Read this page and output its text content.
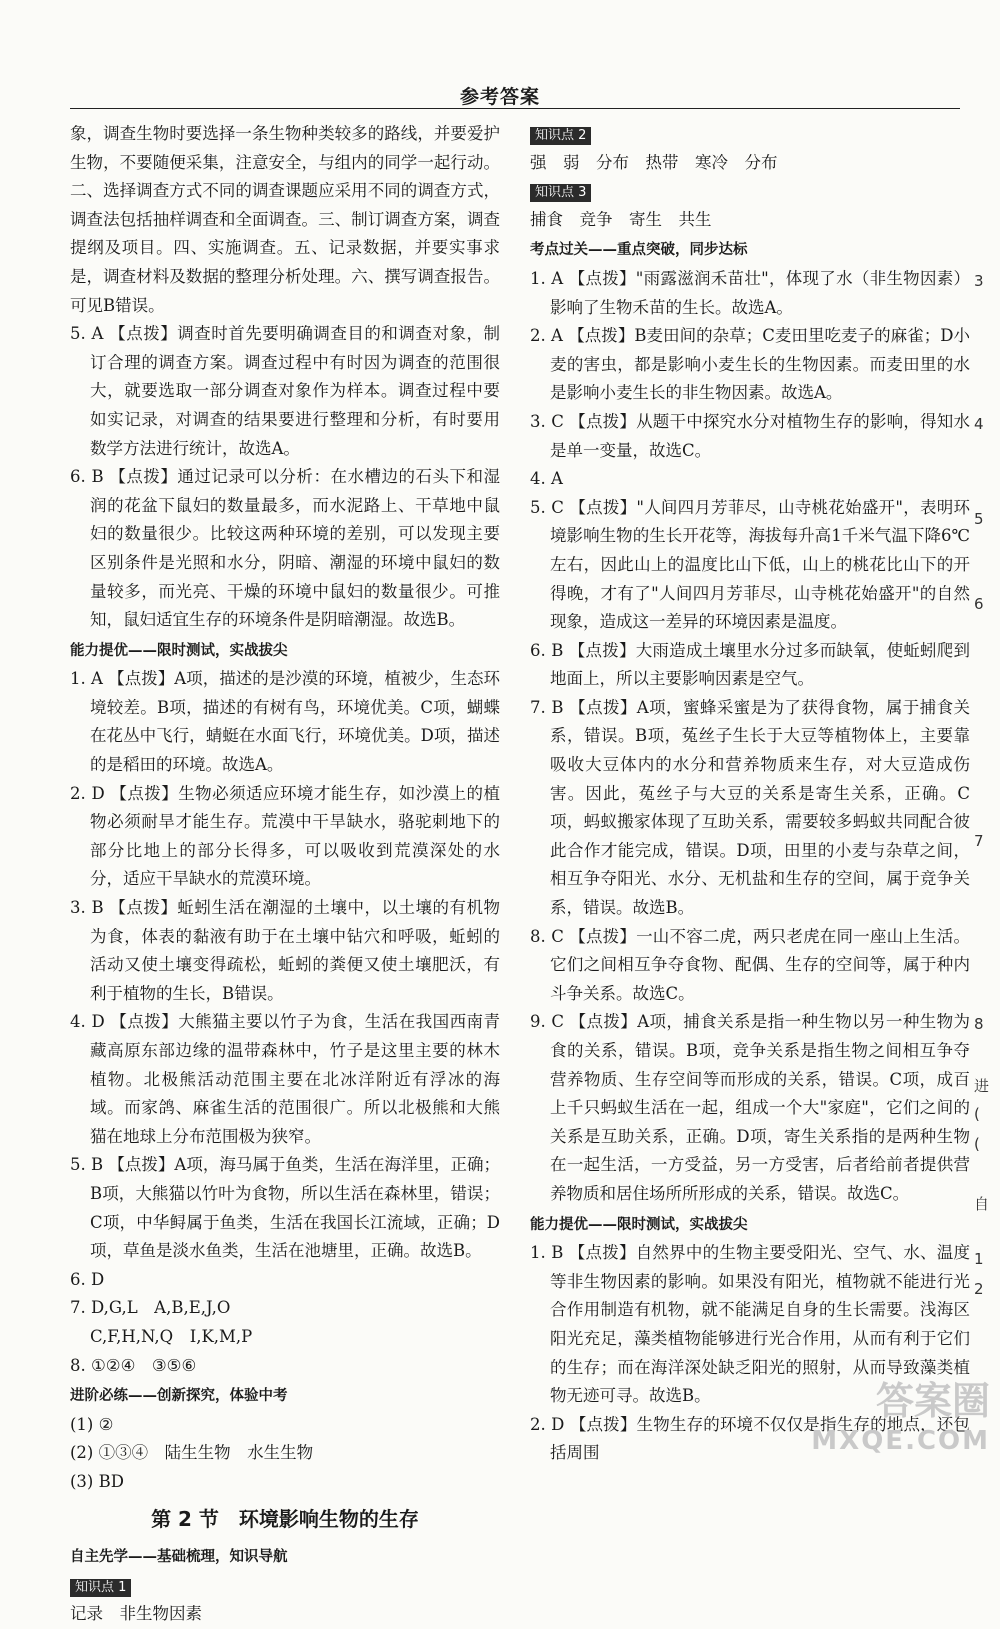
参考答案

象，调查生物时要选择一条生物种类较多的路线，并要爱护生物，不要随便采集，注意安全，与组内的同学一起行动。二、选择调查方式不同的调查课题应采用不同的调查方式，调查法包括抽样调查和全面调查。三、制订调查方案，调查提纲及项目。四、实施调查。五、记录数据，并要实事求是，调查材料及数据的整理分析处理。六、撰写调查报告。可见B错误。

5. A 【点拨】调查时首先要明确调查目的和调查对象，制订合理的调查方案。调查过程中有时因为调查的范围很大，就要选取一部分调查对象作为样本。调查过程中要如实记录，对调查的结果要进行整理和分析，有时要用数学方法进行统计，故选A。

6. B 【点拨】通过记录可以分析：在水槽边的石头下和湿润的花盆下鼠妇的数量最多，而水泥路上、干草地中鼠妇的数量很少。比较这两种环境的差别，可以发现主要区别条件是光照和水分，阴暗、潮湿的环境中鼠妇的数量较多，而光亮、干燥的环境中鼠妇的数量很少。可推知，鼠妇适宜生存的环境条件是阴暗潮湿。故选B。

能力提优——限时测试，实战拔尖

1. A 【点拨】A项，描述的是沙漠的环境，植被少，生态环境较差。B项，描述的有树有鸟，环境优美。C项，蝴蝶在花丛中飞行，蜻蜓在水面飞行，环境优美。D项，描述的是稻田的环境。故选A。

2. D 【点拨】生物必须适应环境才能生存，如沙漠上的植物必须耐旱才能生存。荒漠中干旱缺水，骆驼刺地下的部分比地上的部分长得多，可以吸收到荒漠深处的水分，适应干旱缺水的荒漠环境。

3. B 【点拨】蚯蚓生活在潮湿的土壤中，以土壤的有机物为食，体表的黏液有助于在土壤中钻穴和呼吸，蚯蚓的活动又使土壤变得疏松，蚯蚓的粪便又使土壤肥沃，有利于植物的生长，B错误。

4. D 【点拨】大熊猫主要以竹子为食，生活在我国西南青藏高原东部边缘的温带森林中，竹子是这里主要的林木植物。北极熊活动范围主要在北冰洋附近有浮冰的海域。而家鸽、麻雀生活的范围很广。所以北极熊和大熊猫在地球上分布范围极为狭窄。

5. B 【点拨】A项，海马属于鱼类，生活在海洋里，正确；B项，大熊猫以竹叶为食物，所以生活在森林里，错误；C项，中华鲟属于鱼类，生活在我国长江流域，正确；D项，草鱼是淡水鱼类，生活在池塘里，正确。故选B。

6. D

7. D,G,L　A,B,E,J,O

C,F,H,N,Q　I,K,M,P

8. ①②④　③⑤⑥

进阶必练——创新探究，体验中考

(1) ②

(2) ①③④　陆生生物　水生生物

(3) BD

第 2 节　环境影响生物的生存
自主先学——基础梳理，知识导航
知识点 1

记录　非生物因素

知识点 2

强　弱　分布　热带　寒冷　分布

知识点 3

捕食　竞争　寄生　共生

考点过关——重点突破，同步达标

1. A 【点拨】"雨露滋润禾苗壮"，体现了水（非生物因素）影响了生物禾苗的生长。故选A。

2. A 【点拨】B麦田间的杂草；C麦田里吃麦子的麻雀；D小麦的害虫，都是影响小麦生长的生物因素。而麦田里的水是影响小麦生长的非生物因素。故选A。

3. C 【点拨】从题干中探究水分对植物生存的影响，得知水是单一变量，故选C。

4. A

5. C 【点拨】"人间四月芳菲尽，山寺桃花始盛开"，表明环境影响生物的生长开花等，海拔每升高1千米气温下降6℃左右，因此山上的温度比山下低，山上的桃花比山下的开得晚，才有了"人间四月芳菲尽，山寺桃花始盛开"的自然现象，造成这一差异的环境因素是温度。

6. B 【点拨】大雨造成土壤里水分过多而缺氧，使蚯蚓爬到地面上，所以主要影响因素是空气。

7. B 【点拨】A项，蜜蜂采蜜是为了获得食物，属于捕食关系，错误。B项，菟丝子生长于大豆等植物体上，主要靠吸收大豆体内的水分和营养物质来生存，对大豆造成伤害。因此，菟丝子与大豆的关系是寄生关系，正确。C项，蚂蚁搬家体现了互助关系，需要较多蚂蚁共同配合彼此合作才能完成，错误。D项，田里的小麦与杂草之间，相互争夺阳光、水分、无机盐和生存的空间，属于竞争关系，错误。故选B。

8. C 【点拨】一山不容二虎，两只老虎在同一座山上生活。它们之间相互争夺食物、配偶、生存的空间等，属于种内斗争关系。故选C。

9. C 【点拨】A项，捕食关系是指一种生物以另一种生物为食的关系，错误。B项，竞争关系是指生物之间相互争夺营养物质、生存空间等而形成的关系，错误。C项，成百上千只蚂蚁生活在一起，组成一个大"家庭"，它们之间的关系是互助关系，正确。D项，寄生关系指的是两种生物在一起生活，一方受益，另一方受害，后者给前者提供营养物质和居住场所所形成的关系，错误。故选C。

能力提优——限时测试，实战拔尖

1. B 【点拨】自然界中的生物主要受阳光、空气、水、温度等非生物因素的影响。如果没有阳光，植物就不能进行光合作用制造有机物，就不能满足自身的生长需要。浅海区阳光充足，藻类植物能够进行光合作用，从而有利于它们的生存；而在海洋深处缺乏阳光的照射，从而导致藻类植物无迹可寻。故选B。

2. D 【点拨】生物生存的环境不仅仅是指生存的地点，还包括周围

3
4
5
6
7
8
进
(
(
自
1
2
答案圈
MXQE.COM
